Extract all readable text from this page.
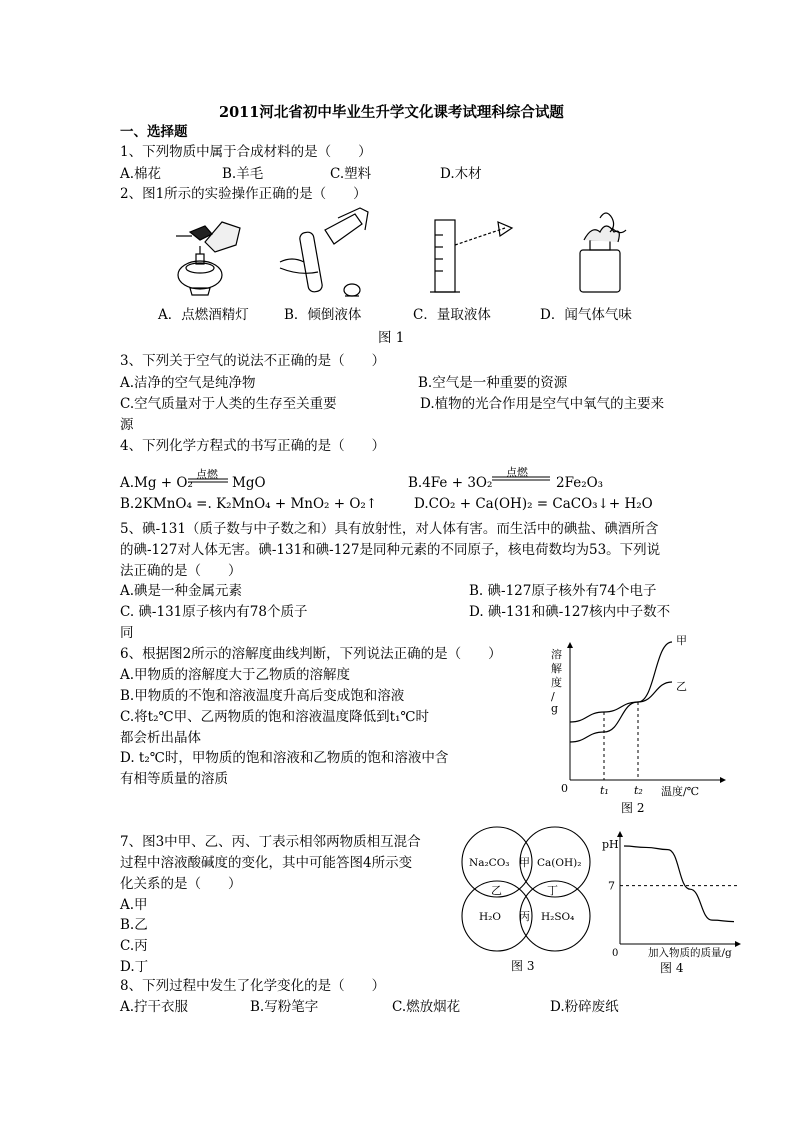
2011河北省初中毕业生升学文化课考试理科综合试题
一、选择题
1、下列物质中属于合成材料的是（　　）
A.棉花	B.羊毛	C.塑料	D.木材
2、图1所示的实验操作正确的是（　　）
A．点燃酒精灯	B．倾倒液体	C．量取液体	D．闻气体气味
图 1
3、下列关于空气的说法不正确的是（　　）
A.洁净的空气是纯净物	B.空气是一种重要的资源
C.空气质量对于人类的生存至关重要	D.植物的光合作用是空气中氧气的主要来
源
4、下列化学方程式的书写正确的是（　　）
点燃
A.Mg + O₂	MgO
点燃
B.4Fe + 3O₂	2Fe₂O₃
B.2KMnO₄ =. K₂MnO₄ + MnO₂ + O₂↑	D.CO₂ + Ca(OH)₂ = CaCO₃↓+ H₂O
5、碘-131（质子数与中子数之和）具有放射性，对人体有害。而生活中的碘盐、碘酒所含
的碘-127对人体无害。碘-131和碘-127是同种元素的不同原子，核电荷数均为53。下列说
法正确的是（　　）
A.碘是一种金属元素	B. 碘-127原子核外有74个电子
C. 碘-131原子核内有78个质子	D. 碘-131和碘-127核内中子数不
同
6、根据图2所示的溶解度曲线判断，下列说法正确的是（　　）
A.甲物质的溶解度大于乙物质的溶解度
B.甲物质的不饱和溶液温度升高后变成饱和溶液
C.将t₂℃甲、乙两物质的饱和溶液温度降低到t₁℃时
都会析出晶体
D. t₂℃时，甲物质的饱和溶液和乙物质的饱和溶液中含
有相等质量的溶质
溶
解
度
/
g
0
甲
乙
t₁ t₂ 温度/℃
图 2
7、图3中甲、乙、丙、丁表示相邻两物质相互混合
过程中溶液酸碱度的变化，其中可能答图4所示变
化关系的是（　　）
A.甲
B.乙
C.丙
D.丁
Na₂CO₃	Ca(OH)₂
H₂O	H₂SO₄
甲
乙
丙
丁
图 3
pH
0
7
加入物质的质量/g
图 4
8、下列过程中发生了化学变化的是（　　）
A.拧干衣服	B.写粉笔字	C.燃放烟花	D.粉碎废纸
